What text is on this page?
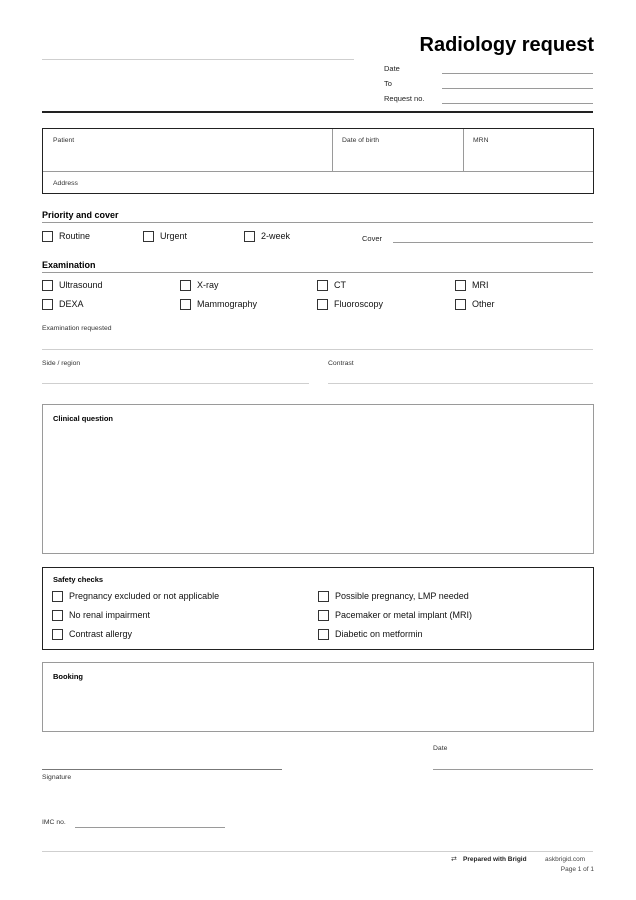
Radiology request
Date
To
Request no.
Patient	Date of birth	MRN
Address
Priority and cover
Routine	Urgent	2-week	Cover
Examination
Ultrasound	X-ray	CT	MRI
DEXA	Mammography	Fluoroscopy	Other
Examination requested
Side / region	Contrast
Clinical question
Safety checks
Pregnancy excluded or not applicable	Possible pregnancy, LMP needed
No renal impairment	Pacemaker or metal implant (MRI)
Contrast allergy	Diabetic on metformin
Booking
Date
Signature
IMC no.
⇄ Prepared with Brigid	askbrigid.com
Page 1 of 1
